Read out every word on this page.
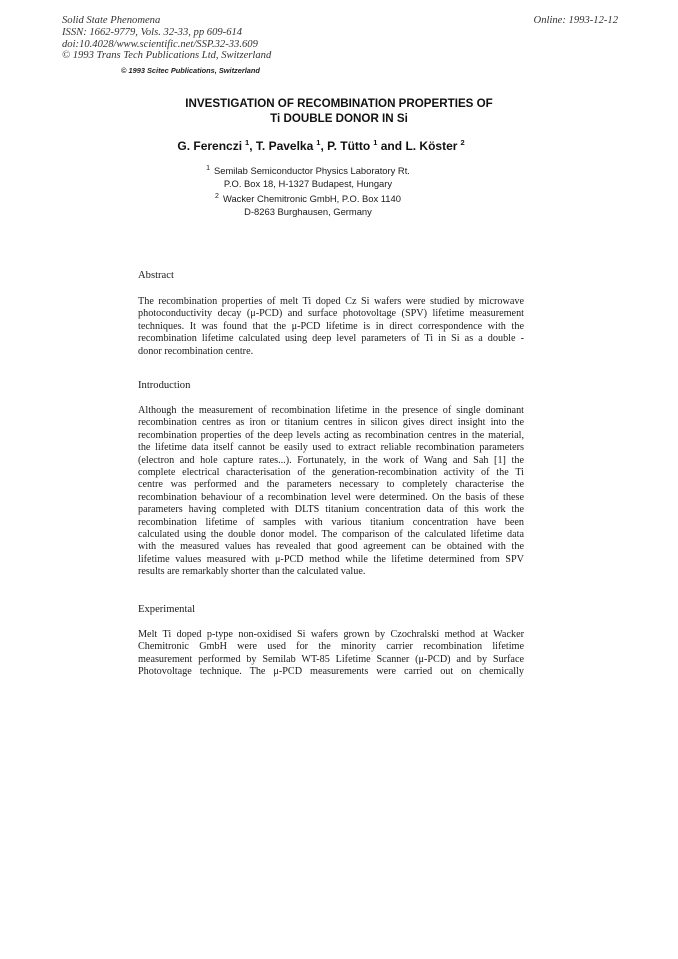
Solid State Phenomena
ISSN: 1662-9779, Vols. 32-33, pp 609-614
doi:10.4028/www.scientific.net/SSP.32-33.609
© 1993 Trans Tech Publications Ltd, Switzerland
Online: 1993-12-12
© 1993 Scitec Publications, Switzerland
INVESTIGATION OF RECOMBINATION PROPERTIES OF
Ti DOUBLE DONOR IN Si
G. Ferenczi $^1$, T. Pavelka $^1$, P. Tütto $^1$ and L. Köster $^2$
$^1$ Semilab Semiconductor Physics Laboratory Rt.
P.O. Box 18, H-1327 Budapest, Hungary
$^2$ Wacker Chemitronic GmbH, P.O. Box 1140
D-8263 Burghausen, Germany
Abstract
The recombination properties of melt Ti doped Cz Si wafers were studied by microwave
photoconductivity decay (μ-PCD) and surface photovoltage (SPV) lifetime measurement
techniques. It was found that the μ-PCD lifetime is in direct correspondence with the
recombination lifetime calculated using deep level parameters of Ti in Si as a double -
donor recombination centre.
Introduction
Although the measurement of recombination lifetime in the presence of single dominant
recombination centres as iron or titanium centres in silicon gives direct insight into the
recombination properties of the deep levels acting as recombination centres in the material,
the lifetime data itself cannot be easily used to extract reliable recombination parameters
(electron and hole capture rates...). Fortunately, in the work of Wang and Sah [1] the
complete electrical characterisation of the generation-recombination activity of the Ti
centre was performed and the parameters necessary to completely characterise the
recombination behaviour of a recombination level were determined. On the basis of these
parameters having completed with DLTS titanium concentration data of this work the
recombination lifetime of samples with various titanium concentration have been
calculated using the double donor model. The comparison of the calculated lifetime data
with the measured values has revealed that good agreement can be obtained with the
lifetime values measured with μ-PCD method while the lifetime determined from SPV
results are remarkably shorter than the calculated value.
Experimental
Melt Ti doped p-type non-oxidised Si wafers grown by Czochralski method at Wacker
Chemitronic GmbH were used for the minority carrier recombination lifetime
measurement performed by Semilab WT-85 Lifetime Scanner (μ-PCD) and by Surface
Photovoltage technique. The μ-PCD measurements were carried out on chemically
